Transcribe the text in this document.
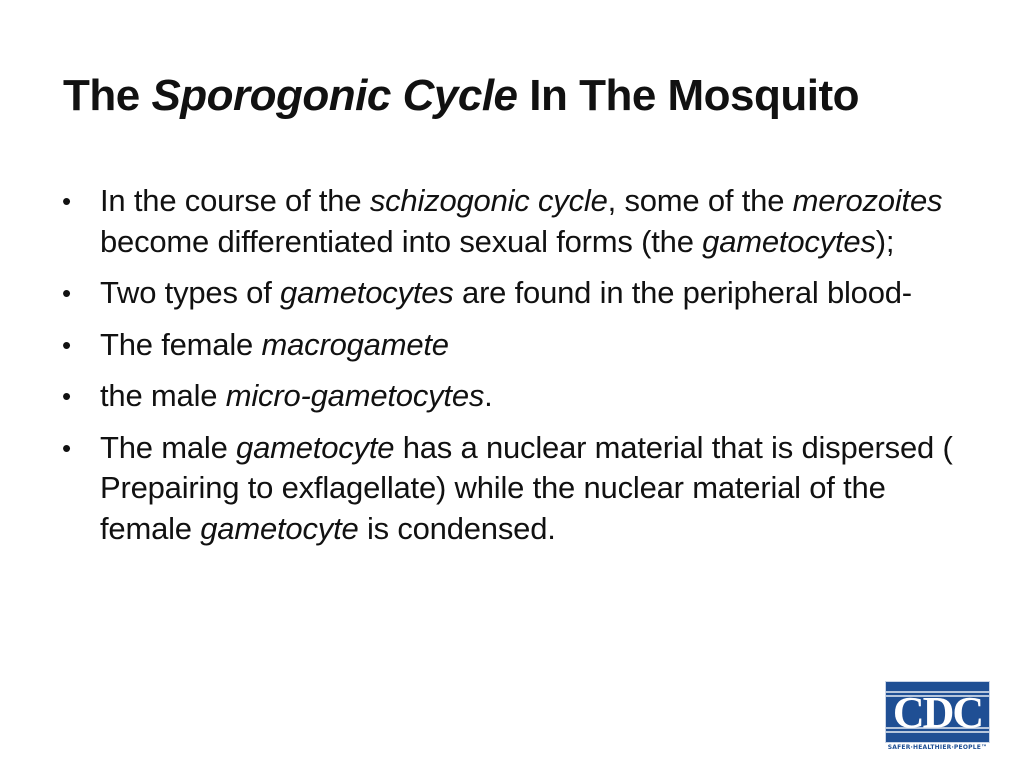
The Sporogonic Cycle In The Mosquito
• In the course of the schizogonic cycle, some of the merozoites become differentiated into sexual forms (the gametocytes);
• Two types of gametocytes are found in the peripheral blood-
• The female macrogamete
• the male micro-gametocytes.
• The male gametocyte has a nuclear material that is dispersed ( Prepairing to exflagellate) while the nuclear material of the female gametocyte is condensed.
CDC
SAFER·HEALTHIER·PEOPLE™
